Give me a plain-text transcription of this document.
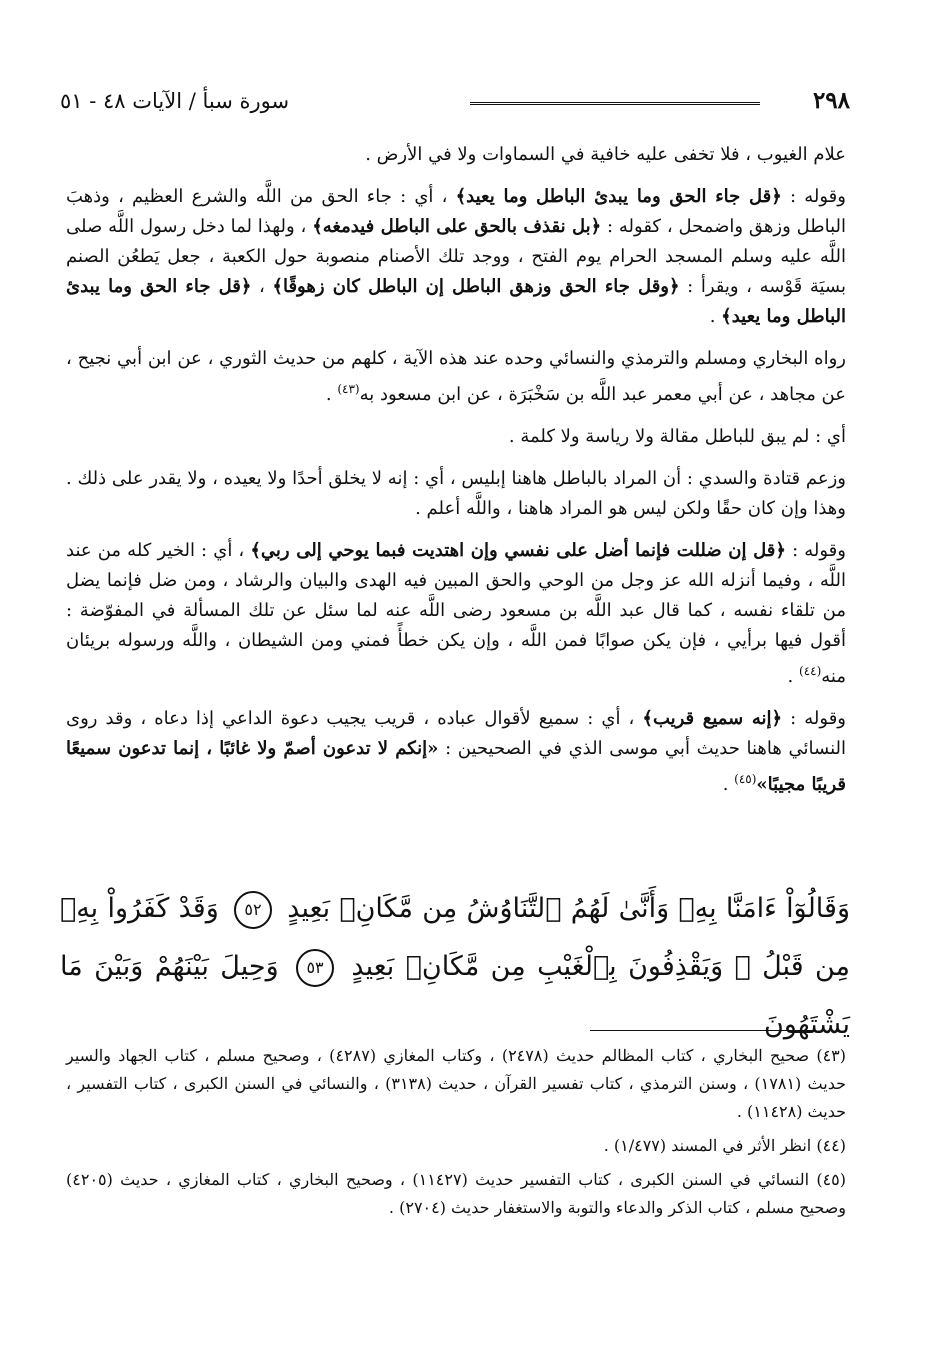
٢٩٨
سورة سبأ / الآيات ٤٨ - ٥١

علام الغيوب ، فلا تخفى عليه خافية في السماوات ولا في الأرض .

وقوله : ﴿قل جاء الحق وما يبدئ الباطل وما يعيد﴾ ، أي : جاء الحق من اللَّه والشرع العظيم ، وذهبَ الباطل وزهق واضمحل ، كقوله : ﴿بل نقذف بالحق على الباطل فيدمغه﴾ ، ولهذا لما دخل رسول اللَّه صلى اللَّه عليه وسلم المسجد الحرام يوم الفتح ، ووجد تلك الأصنام منصوبة حول الكعبة ، جعل يَطعُن الصنم بسيَة قَوْسه ، ويقرأ : ﴿وقل جاء الحق وزهق الباطل إن الباطل كان زهوقًا﴾ ، ﴿قل جاء الحق وما يبدئ الباطل وما يعيد﴾ .

رواه البخاري ومسلم والترمذي والنسائي وحده عند هذه الآية ، كلهم من حديث الثوري ، عن ابن أبي نجيح ، عن مجاهد ، عن أبي معمر عبد اللَّه بن سَخْبَرَة ، عن ابن مسعود به$^{(٤٣)}$ .

أي : لم يبق للباطل مقالة ولا رياسة ولا كلمة .

وزعم قتادة والسدي : أن المراد بالباطل هاهنا إبليس ، أي : إنه لا يخلق أحدًا ولا يعيده ، ولا يقدر على ذلك . وهذا وإن كان حقًا ولكن ليس هو المراد هاهنا ، واللَّه أعلم .

وقوله : ﴿قل إن ضللت فإنما أضل على نفسي وإن اهتديت فبما يوحي إلى ربي﴾ ، أي : الخير كله من عند اللَّه ، وفيما أنزله الله عز وجل من الوحي والحق المبين فيه الهدى والبيان والرشاد ، ومن ضل فإنما يضل من تلقاء نفسه ، كما قال عبد اللَّه بن مسعود رضى اللَّه عنه لما سئل عن تلك المسألة في المفوّضة : أقول فيها برأيي ، فإن يكن صوابًا فمن اللَّه ، وإن يكن خطأً فمني ومن الشيطان ، واللَّه ورسوله بريئان منه$^{(٤٤)}$ .

وقوله : ﴿إنه سميع قريب﴾ ، أي : سميع لأقوال عباده ، قريب يجيب دعوة الداعي إذا دعاه ، وقد روى النسائي هاهنا حديث أبي موسى الذي في الصحيحين : «إنكم لا تدعون أصمّ ولا غائبًا ، إنما تدعون سميعًا قريبًا مجيبًا»$^{(٤٥)}$ .

وَقَالُوٓاْ ءَامَنَّا بِهِۦ وَأَنَّىٰ لَهُمُ ٱلتَّنَاوُشُ مِن مَّكَانِۭ بَعِيدٍ ٥٢ وَقَدْ كَفَرُواْ بِهِۦ مِن قَبْلُ ۖ وَيَقْذِفُونَ بِٱلْغَيْبِ مِن مَّكَانِۭ بَعِيدٍ ٥٣ وَحِيلَ بَيْنَهُمْ وَبَيْنَ مَا يَشْتَهُونَ

(٤٣) صحيح البخاري ، كتاب المظالم حديث (٢٤٧٨) ، وكتاب المغازي (٤٢٨٧) ، وصحيح مسلم ، كتاب الجهاد والسير حديث (١٧٨١) ، وسنن الترمذي ، كتاب تفسير القرآن ، حديث (٣١٣٨) ، والنسائي في السنن الكبرى ، كتاب التفسير ، حديث (١١٤٢٨) .

(٤٤) انظر الأثر في المسند (١/٤٧٧) .

(٤٥) النسائي في السنن الكبرى ، كتاب التفسير حديث (١١٤٢٧) ، وصحيح البخاري ، كتاب المغازي ، حديث (٤٢٠٥) وصحيح مسلم ، كتاب الذكر والدعاء والتوبة والاستغفار حديث (٢٧٠٤) .
